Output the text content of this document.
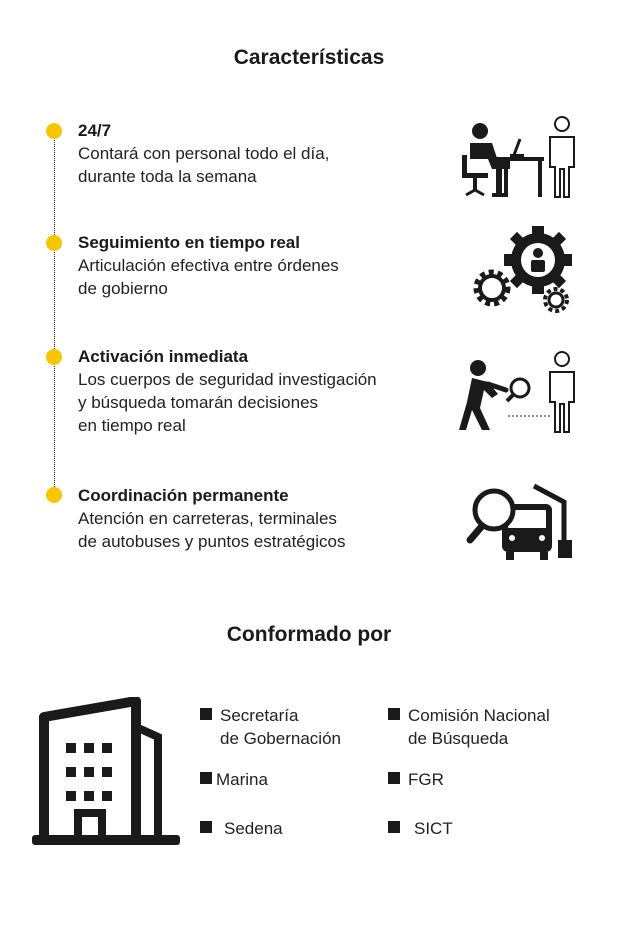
Características
24/7
Contará con personal todo el día,
durante toda la semana
Seguimiento en tiempo real
Articulación efectiva entre órdenes
de gobierno
Activación inmediata
Los cuerpos de seguridad investigación
y búsqueda tomarán decisiones
en tiempo real
Coordinación permanente
Atención en carreteras, terminales
de autobuses y puntos estratégicos
Conformado por
Secretaría
de Gobernación
Comisión Nacional
de Búsqueda
Marina	FGR
Sedena	SICT
